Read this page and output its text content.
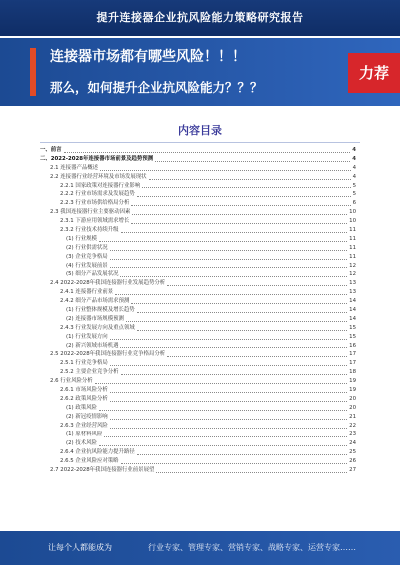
提升连接器企业抗风险能力策略研究报告
连接器市场都有哪些风险！！！
那么，如何提升企业抗风险能力？？？
力荐
内容目录
一、前言	4
二、2022-2028年连接器市场前景及趋势预测	4
2.1 连接器产品概述	4
2.2 连接器行业经营环境及市场发展现状	4
2.2.1 国家政策对连接器行业影响	5
2.2.2 行业市场需求及发展趋势	5
2.2.3 行业市场供给格局分析	6
2.3 我国连接器行业主要驱动因素	10
2.3.1 下游应用领域需求增长	10
2.3.2 行业技术持续升级	11
(1) 行业规模	11
(2) 行业供需状况	11
(3) 企业竞争格局	11
(4) 行业发展前景	12
(5) 细分产品发展状况	12
2.4 2022-2028年我国连接器行业发展趋势分析	13
2.4.1 连接器行业前景	13
2.4.2 细分产品市场需求预测	14
(1) 行业整体规模及增长趋势	14
(2) 连接器市场规模预测	14
2.4.3 行业发展方向及重点领域	15
(1) 行业发展方向	15
(2) 新兴领域市场机遇	16
2.5 2022-2028年我国连接器行业竞争格局分析	17
2.5.1 行业竞争格局	17
2.5.2 主要企业竞争分析	18
2.6 行业风险分析	19
2.6.1 市场风险分析	19
2.6.2 政策风险分析	20
(1) 政策风险	20
(2) 新冠疫情影响	21
2.6.3 企业经营风险	22
(1) 原材料风险	23
(2) 技术风险	24
2.6.4 企业抗风险能力提升路径	25
2.6.5 企业风险应对策略	26
2.7 2022-2028年我国连接器行业前景展望	27
让每个人都能成为	行业专家、管理专家、营销专家、战略专家、运营专家……
